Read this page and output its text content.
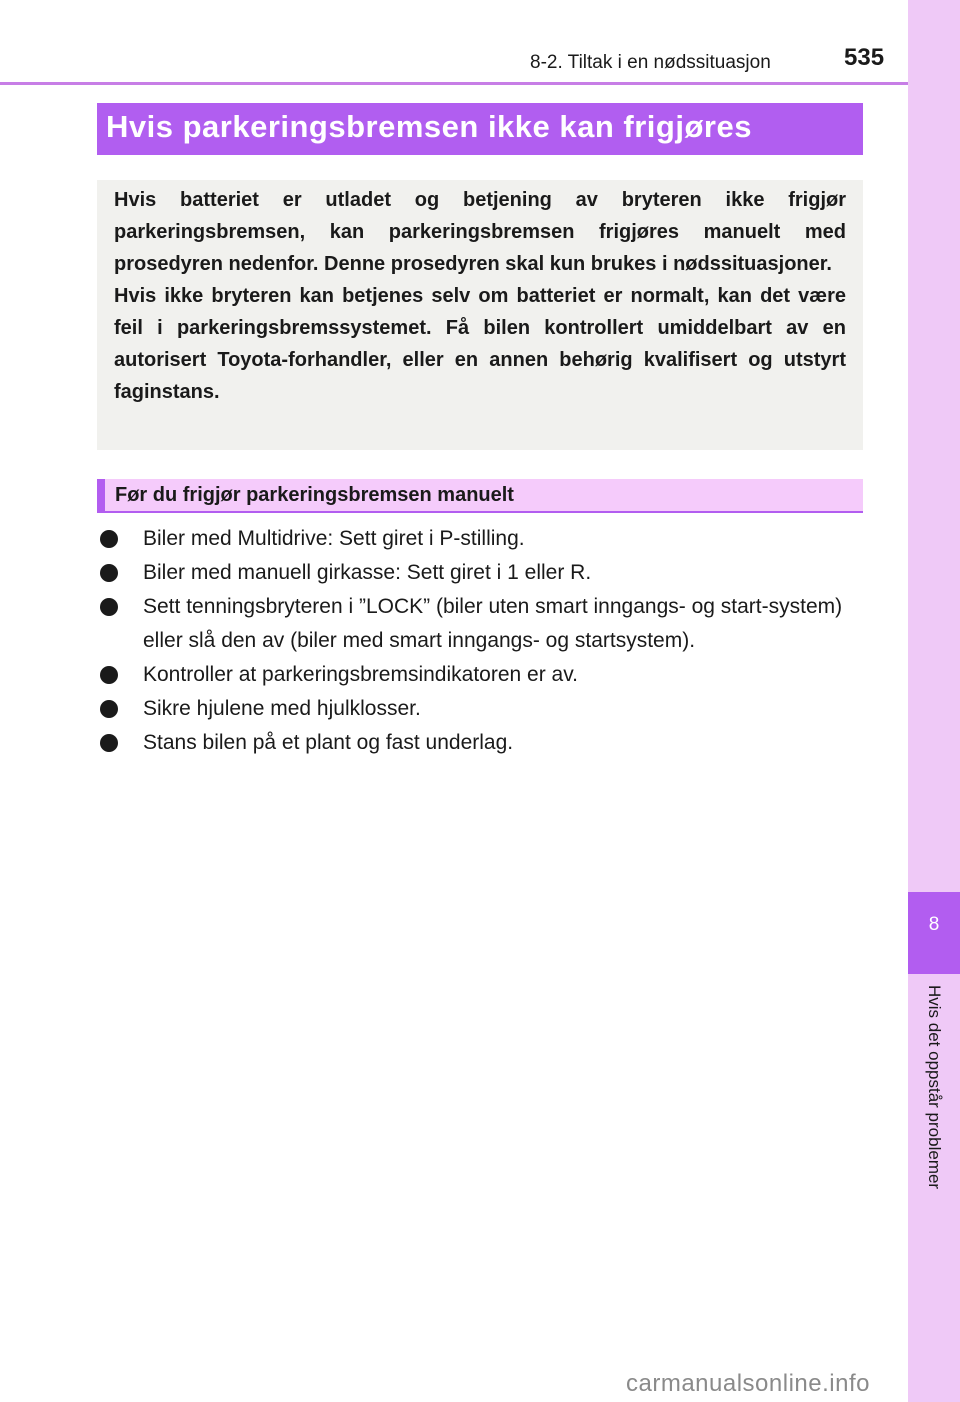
8-2. Tiltak i en nødssituasjon	535
8
Hvis det oppstår problemer
Hvis parkeringsbremsen ikke kan frigjøres

Hvis batteriet er utladet og betjening av bryteren ikke frigjør parkeringsbremsen, kan parkeringsbremsen frigjøres manuelt med prosedyren nedenfor. Denne prosedyren skal kun brukes i nødssituasjoner.

Hvis ikke bryteren kan betjenes selv om batteriet er normalt, kan det være feil i parkeringsbremssystemet. Få bilen kontrollert umiddelbart av en autorisert Toyota-forhandler, eller en annen behørig kvalifisert og utstyrt faginstans.

Før du frigjør parkeringsbremsen manuelt
Biler med Multidrive: Sett giret i P-stilling.
Biler med manuell girkasse: Sett giret i 1 eller R.
Sett tenningsbryteren i ”LOCK” (biler uten smart inngangs- og start-system) eller slå den av (biler med smart inngangs- og startsystem).
Kontroller at parkeringsbremsindikatoren er av.
Sikre hjulene med hjulklosser.
Stans bilen på et plant og fast underlag.
carmanualsonline.info
